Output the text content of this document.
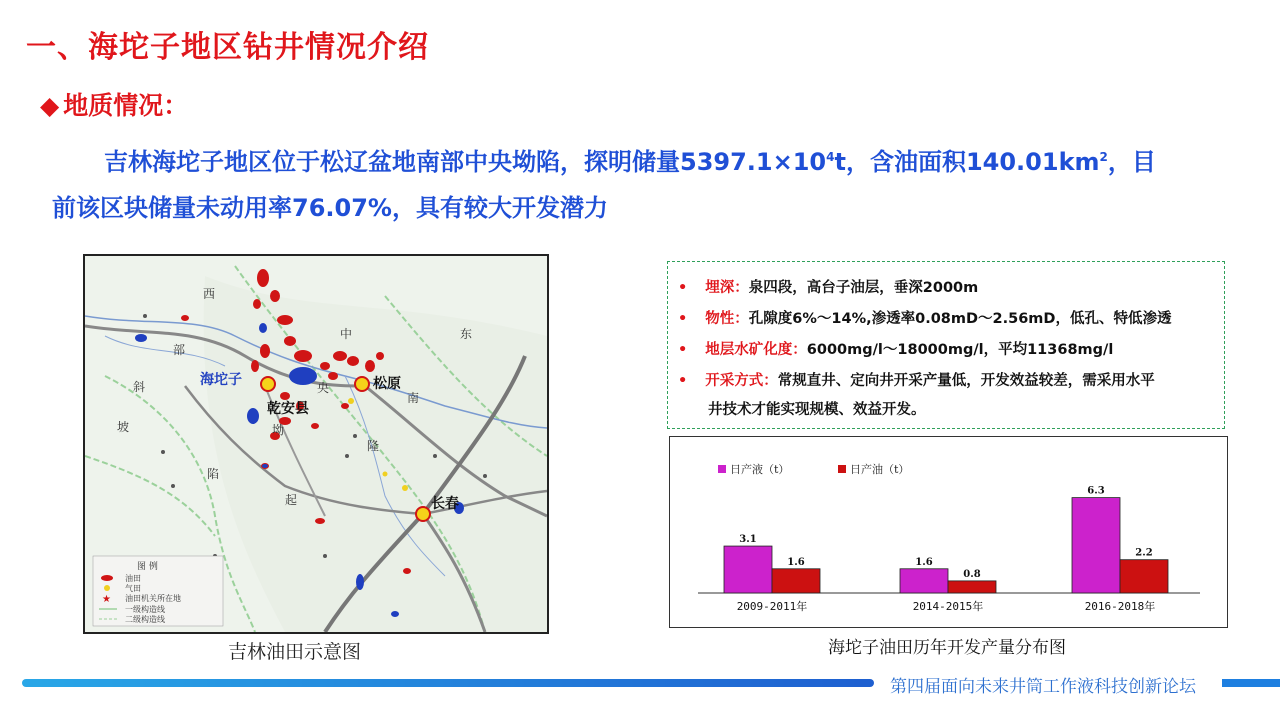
一、海坨子地区钻井情况介绍
◆ 地质情况：

吉林海坨子地区位于松辽盆地南部中央坳陷，探明储量$5397.1\times 10^4t$，含油面积$140.01km^2$，目

前该区块储量未动用率76.07%，具有较大开发潜力

海坨子	松原
乾安县
长春
西
部
斜
坡
陷
中
央
坳
东
南
隆
起
图 例
油田
气田
★ 油田机关所在地
一级构造线
二级构造线
吉林油田示意图
• 埋深：泉四段，高台子油层，垂深2000m
• 物性：孔隙度6%～14%,渗透率0.08mD～2.56mD，低孔、特低渗透
• 地层水矿化度：6000mg/l～18000mg/l，平均11368mg/l
• 开采方式：常规直井、定向井开采产量低，开发效益较差，需采用水平
井技术才能实现规模、效益开发。
日产液（t）	日产油（t）
3.1
1.6
2009-2011年
1.6
0.8
2014-2015年
6.3
2.2
2016-2018年
海坨子油田历年开发产量分布图
第四届面向未来井筒工作液科技创新论坛
